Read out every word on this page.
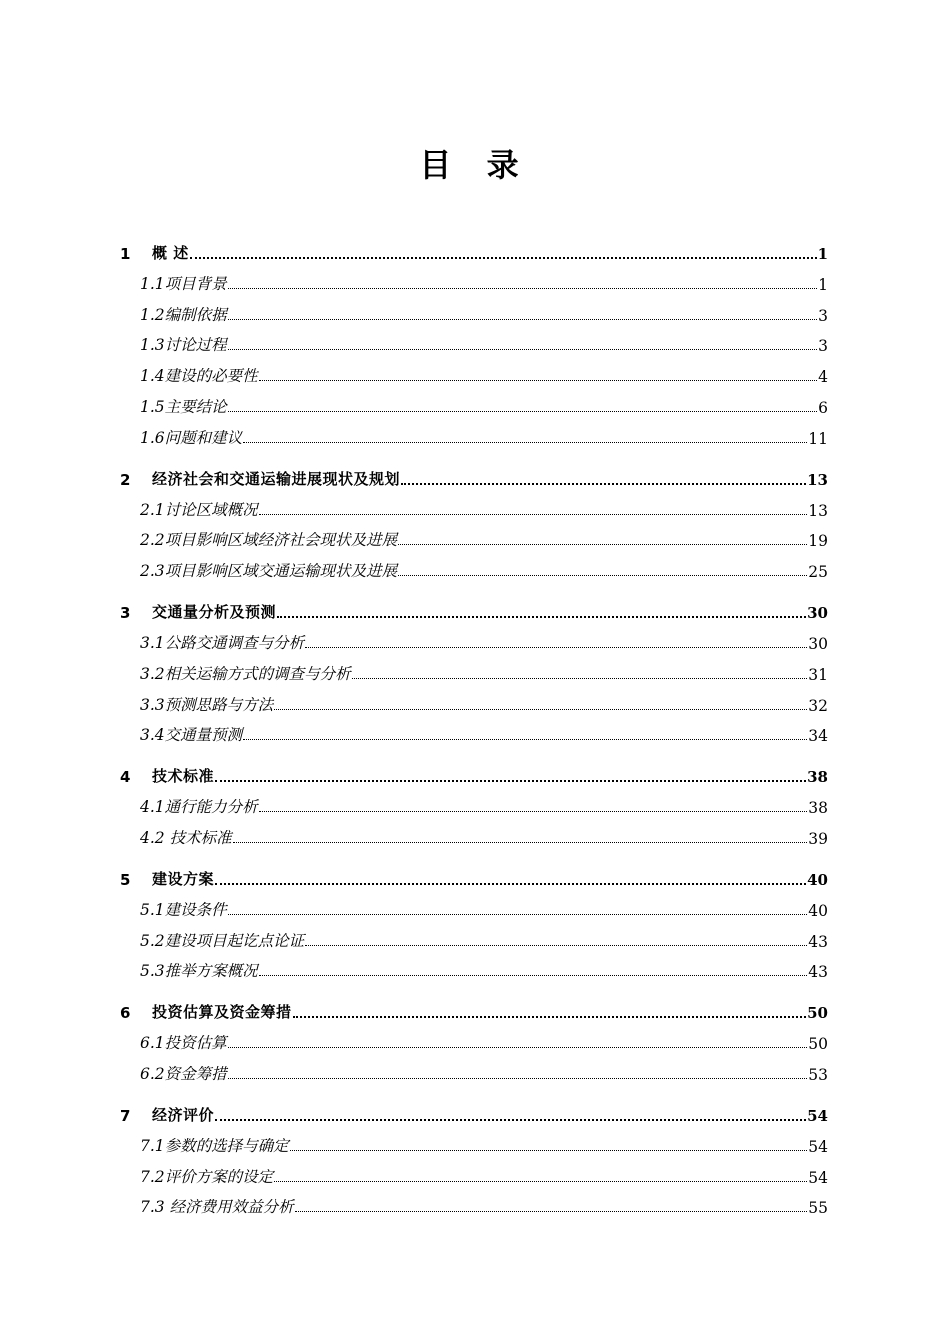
目 录
1	概 述	1
1.1项目背景	1
1.2编制依据	3
1.3讨论过程	3
1.4建设的必要性	4
1.5主要结论	6
1.6问题和建议	11
2	经济社会和交通运输进展现状及规划	13
2.1讨论区域概况	13
2.2项目影响区域经济社会现状及进展	19
2.3项目影响区域交通运输现状及进展	25
3	交通量分析及预测	30
3.1公路交通调查与分析	30
3.2相关运输方式的调查与分析	31
3.3预测思路与方法	32
3.4交通量预测	34
4	技术标准	38
4.1通行能力分析	38
4.2 技术标准	39
5	建设方案	40
5.1建设条件	40
5.2建设项目起讫点论证	43
5.3推举方案概况	43
6	投资估算及资金筹措	50
6.1投资估算	50
6.2资金筹措	53
7	经济评价	54
7.1参数的选择与确定	54
7.2评价方案的设定	54
7.3 经济费用效益分析	55
